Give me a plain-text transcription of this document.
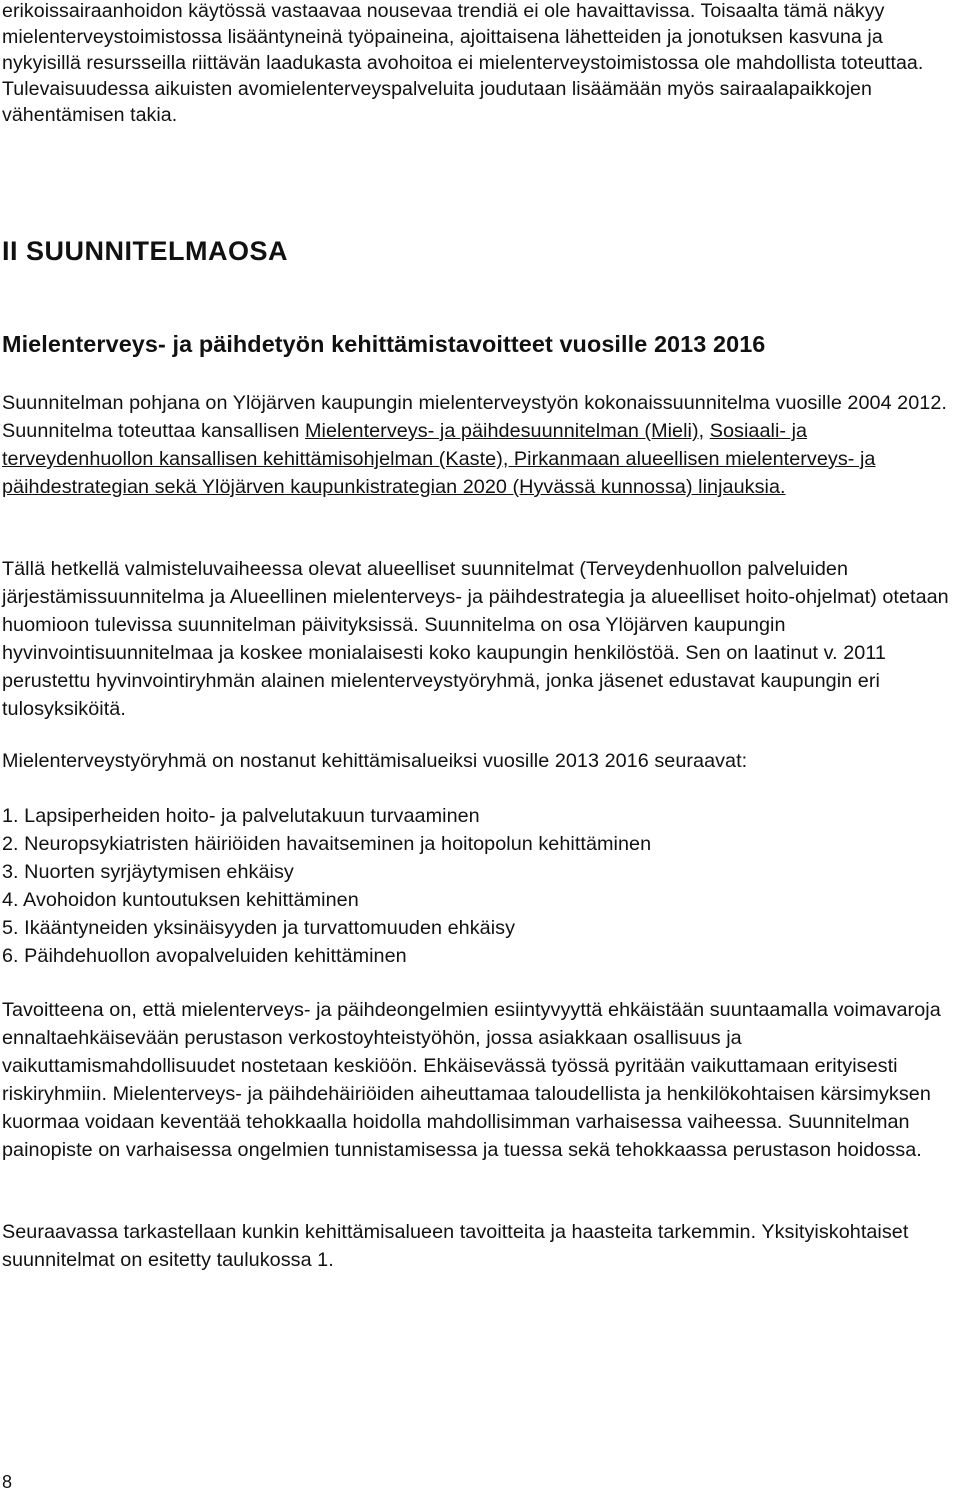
erikoissairaanhoidon käytössä vastaavaa nousevaa trendiä ei ole havaittavissa. Toisaalta tämä näkyy mielenterveystoimistossa lisääntyneinä työpaineina, ajoittaisena lähetteiden ja jonotuksen kasvuna ja nykyisillä resursseilla riittävän laadukasta avohoitoa ei mielenterveystoimistossa ole mahdollista toteuttaa. Tulevaisuudessa aikuisten avomielenterveyspalveluita joudutaan lisäämään myös sairaalapaikkojen vähentämisen takia.

II SUUNNITELMAOSA
Mielenterveys- ja päihdetyön kehittämistavoitteet vuosille 2013 2016

Suunnitelman pohjana on Ylöjärven kaupungin mielenterveystyön kokonaissuunnitelma vuosille 2004 2012. Suunnitelma toteuttaa kansallisen Mielenterveys- ja päihdesuunnitelman (Mieli), Sosiaali- ja terveydenhuollon kansallisen kehittämisohjelman (Kaste), Pirkanmaan alueellisen mielenterveys- ja päihdestrategian sekä Ylöjärven kaupunkistrategian 2020 (Hyvässä kunnossa) linjauksia.

Tällä hetkellä valmisteluvaiheessa olevat alueelliset suunnitelmat (Terveydenhuollon palveluiden järjestämissuunnitelma ja Alueellinen mielenterveys- ja päihdestrategia ja alueelliset hoito-ohjelmat) otetaan huomioon tulevissa suunnitelman päivityksissä. Suunnitelma on osa Ylöjärven kaupungin hyvinvointisuunnitelmaa ja koskee monialaisesti koko kaupungin henkilöstöä. Sen on laatinut v. 2011 perustettu hyvinvointiryhmän alainen mielenterveystyöryhmä, jonka jäsenet edustavat kaupungin eri tulosyksiköitä.

Mielenterveystyöryhmä on nostanut kehittämisalueiksi vuosille 2013 2016 seuraavat:

1. Lapsiperheiden hoito- ja palvelutakuun turvaaminen
2. Neuropsykiatristen häiriöiden havaitseminen ja hoitopolun kehittäminen
3. Nuorten syrjäytymisen ehkäisy
4. Avohoidon kuntoutuksen kehittäminen
5. Ikääntyneiden yksinäisyyden ja turvattomuuden ehkäisy
6. Päihdehuollon avopalveluiden kehittäminen

Tavoitteena on, että mielenterveys- ja päihdeongelmien esiintyvyyttä ehkäistään suuntaamalla voimavaroja ennaltaehkäisevään perustason verkostoyhteistyöhön, jossa asiakkaan osallisuus ja vaikuttamismahdollisuudet nostetaan keskiöön. Ehkäisevässä työssä pyritään vaikuttamaan erityisesti riskiryhmiin. Mielenterveys- ja päihdehäiriöiden aiheuttamaa taloudellista ja henkilökohtaisen kärsimyksen kuormaa voidaan keventää tehokkaalla hoidolla mahdollisimman varhaisessa vaiheessa. Suunnitelman painopiste on varhaisessa ongelmien tunnistamisessa ja tuessa sekä tehokkaassa perustason hoidossa.

Seuraavassa tarkastellaan kunkin kehittämisalueen tavoitteita ja haasteita tarkemmin. Yksityiskohtaiset suunnitelmat on esitetty taulukossa 1.

8
